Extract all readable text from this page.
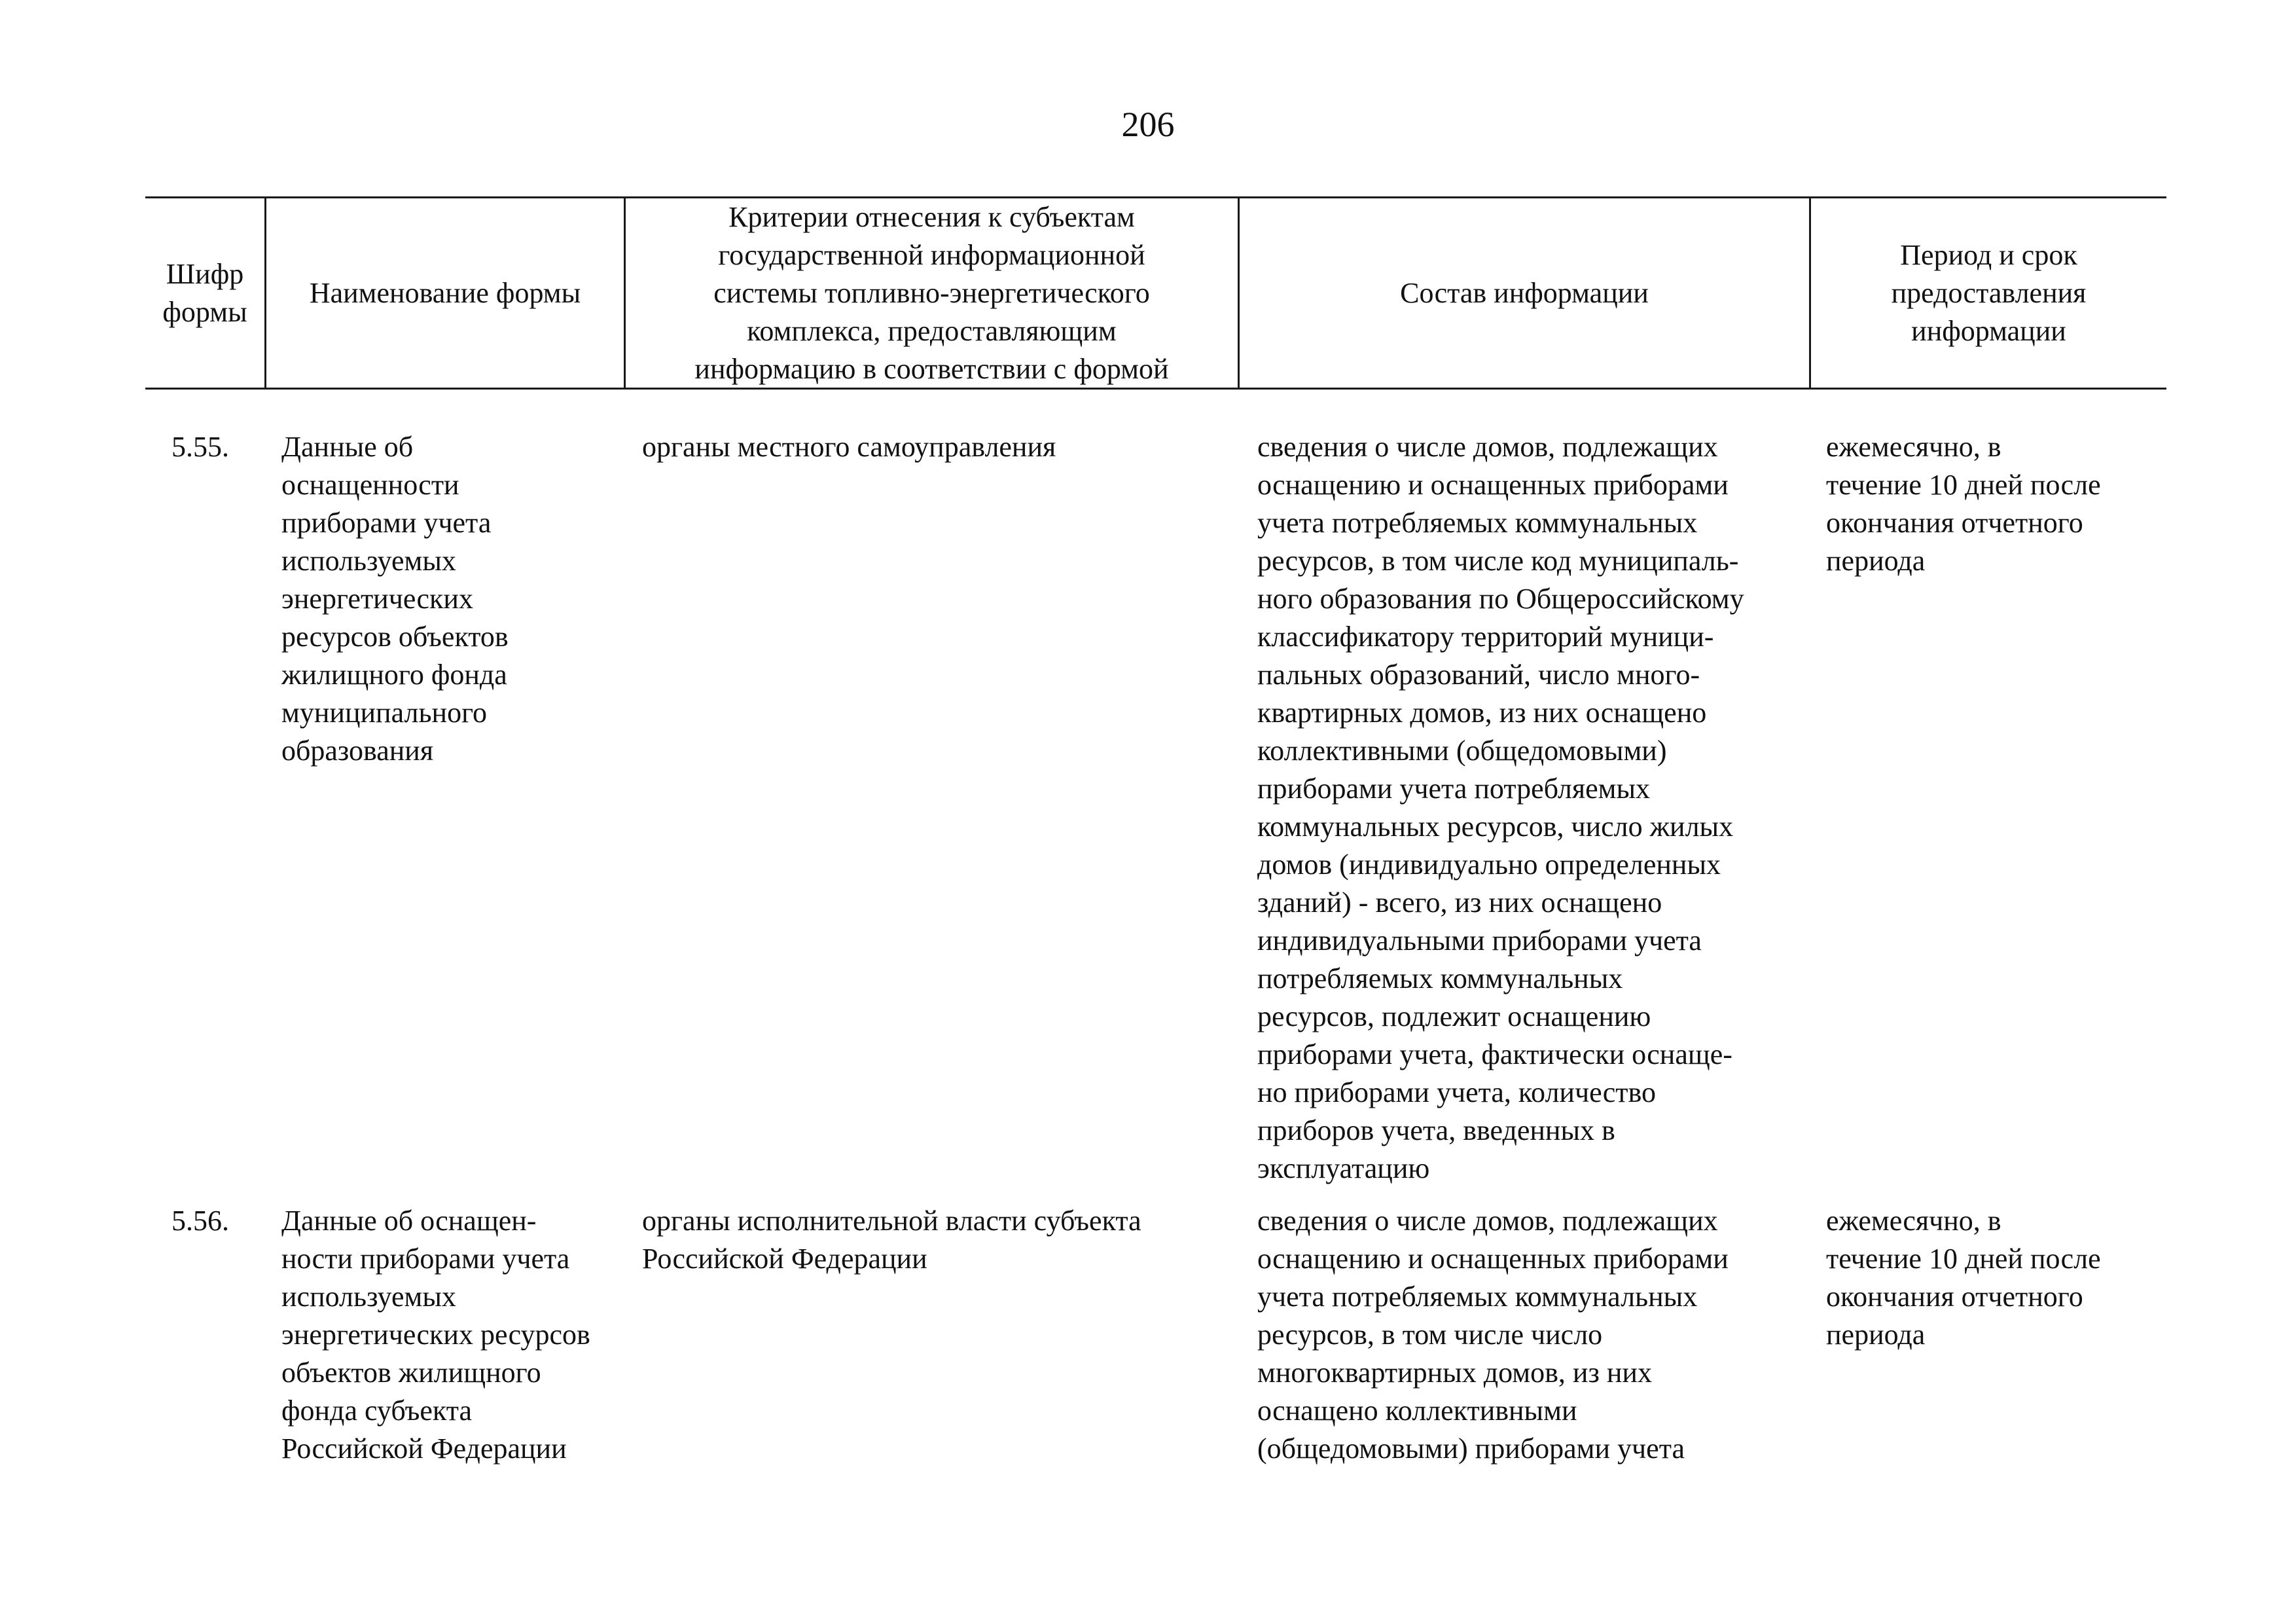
206
Шифр
формы
Наименование формы
Критерии отнесения к субъектам
государственной информационной
системы топливно-энергетического
комплекса, предоставляющим
информацию в соответствии с формой
Состав информации
Период и срок
предоставления
информации
5.55. Данные об
оснащенности
приборами учета
используемых
энергетических
ресурсов объектов
жилищного фонда
муниципального
образования
органы местного самоуправления	сведения о числе домов, подлежащих
оснащению и оснащенных приборами
учета потребляемых коммунальных
ресурсов, в том числе код муниципаль-
ного образования по Общероссийскому
классификатору территорий муници-
пальных образований, число много-
квартирных домов, из них оснащено
коллективными (общедомовыми)
приборами учета потребляемых
коммунальных ресурсов, число жилых
домов (индивидуально определенных
зданий) - всего, из них оснащено
индивидуальными приборами учета
потребляемых коммунальных
ресурсов, подлежит оснащению
приборами учета, фактически оснаще-
но приборами учета, количество
приборов учета, введенных в
эксплуатацию
ежемесячно, в
течение 10 дней после
окончания отчетного
периода
5.56. Данные об оснащен-
ности приборами учета
используемых
энергетических ресурсов
объектов жилищного
фонда субъекта
Российской Федерации
органы исполнительной власти субъекта
Российской Федерации
сведения о числе домов, подлежащих
оснащению и оснащенных приборами
учета потребляемых коммунальных
ресурсов, в том числе число
многоквартирных домов, из них
оснащено коллективными
(общедомовыми) приборами учета
ежемесячно, в
течение 10 дней после
окончания отчетного
периода
